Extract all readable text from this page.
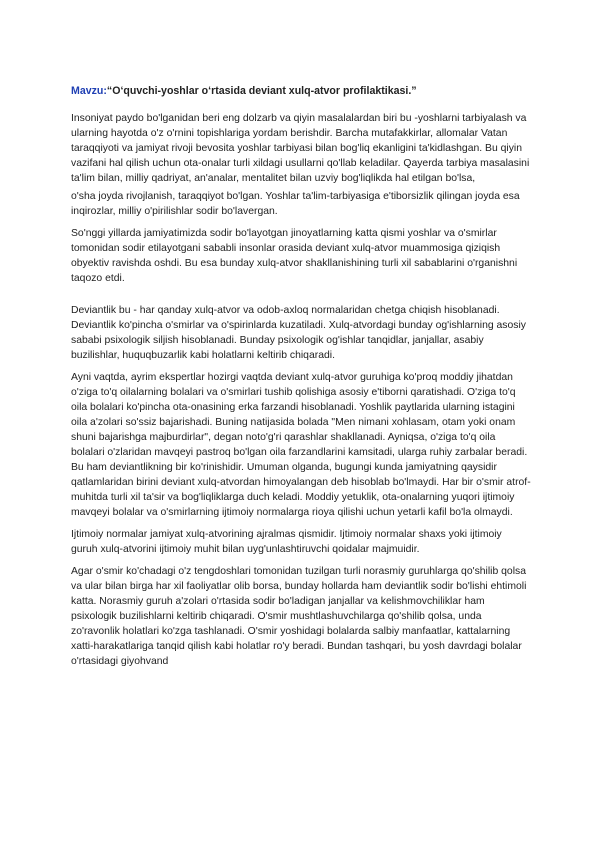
Mavzu:“O‘quvchi-yoshlar o‘rtasida deviant xulq-atvor profilaktikasi.”

Insoniyat paydo bo'lganidan beri eng dolzarb va qiyin masalalardan biri bu -yoshlarni tarbiyalash va ularning hayotda o'z o'rnini topishlariga yordam berishdir. Barcha mutafakkirlar, allomalar Vatan taraqqiyoti va jamiyat rivoji bevosita yoshlar tarbiyasi bilan bog'liq ekanligini ta'kidlashgan. Bu qiyin vazifani hal qilish uchun ota-onalar turli xildagi usullarni qo'llab keladilar. Qayerda tarbiya masalasini ta'lim bilan, milliy qadriyat, an'analar, mentalitet bilan uzviy bog'liqlikda hal etilgan bo'lsa,

o'sha joyda rivojlanish, taraqqiyot bo'lgan. Yoshlar ta'lim-tarbiyasiga e'tiborsizlik qilingan joyda esa inqirozlar, milliy o'pirilishlar sodir bo'lavergan.

So'nggi yillarda jamiyatimizda sodir bo'layotgan jinoyatlarning katta qismi yoshlar va o'smirlar tomonidan sodir etilayotgani sababli insonlar orasida deviant xulq-atvor muammosiga qiziqish obyektiv ravishda oshdi. Bu esa bunday xulq-atvor shakllanishining turli xil sabablarini o'rganishni taqozo etdi.

Deviantlik bu - har qanday xulq-atvor va odob-axloq normalaridan chetga chiqish hisoblanadi. Deviantlik ko'pincha o'smirlar va o'spirinlarda kuzatiladi. Xulq-atvordagi bunday og'ishlarning asosiy sababi psixologik siljish hisoblanadi. Bunday psixologik og'ishlar tanqidlar, janjallar, asabiy buzilishlar, huquqbuzarlik kabi holatlarni keltirib chiqaradi.

Ayni vaqtda, ayrim ekspertlar hozirgi vaqtda deviant xulq-atvor guruhiga ko'proq moddiy jihatdan o'ziga to'q oilalarning bolalari va o'smirlari tushib qolishiga asosiy e'tiborni qaratishadi. O'ziga to'q oila bolalari ko'pincha ota-onasining erka farzandi hisoblanadi. Yoshlik paytlarida ularning istagini oila a'zolari so'ssiz bajarishadi. Buning natijasida bolada "Men nimani xohlasam, otam yoki onam shuni bajarishga majburdirlar", degan noto'g'ri qarashlar shakllanadi. Ayniqsa, o'ziga to'q oila bolalari o'zlaridan mavqeyi pastroq bo'lgan oila farzandlarini kamsitadi, ularga ruhiy zarbalar beradi. Bu ham deviantlikning bir ko'rinishidir. Umuman olganda, bugungi kunda jamiyatning qaysidir qatlamlaridan birini deviant xulq-atvordan himoyalangan deb hisoblab bo'lmaydi. Har bir o'smir atrof-muhitda turli xil ta'sir va bog'liqliklarga duch keladi. Moddiy yetuklik, ota-onalarning yuqori ijtimoiy mavqeyi bolalar va o'smirlarning ijtimoiy normalarga rioya qilishi uchun yetarli kafil bo'la olmaydi.

Ijtimoiy normalar jamiyat xulq-atvorining ajralmas qismidir. Ijtimoiy normalar shaxs yoki ijtimoiy guruh xulq-atvorini ijtimoiy muhit bilan uyg'unlashtiruvchi qoidalar majmuidir.

Agar o'smir ko'chadagi o'z tengdoshlari tomonidan tuzilgan turli norasmiy guruhlarga qo'shilib qolsa va ular bilan birga har xil faoliyatlar olib borsa, bunday hollarda ham deviantlik sodir bo'lishi ehtimoli katta. Norasmiy guruh a'zolari o'rtasida sodir bo'ladigan janjallar va kelishmovchiliklar ham psixologik buzilishlarni keltirib chiqaradi. O'smir mushtlashuvchilarga qo'shilib qolsa, unda zo'ravonlik holatlari ko'zga tashlanadi. O'smir yoshidagi bolalarda salbiy manfaatlar, kattalarning xatti-harakatlariga tanqid qilish kabi holatlar ro'y beradi. Bundan tashqari, bu yosh davrdagi bolalar o'rtasidagi giyohvand
